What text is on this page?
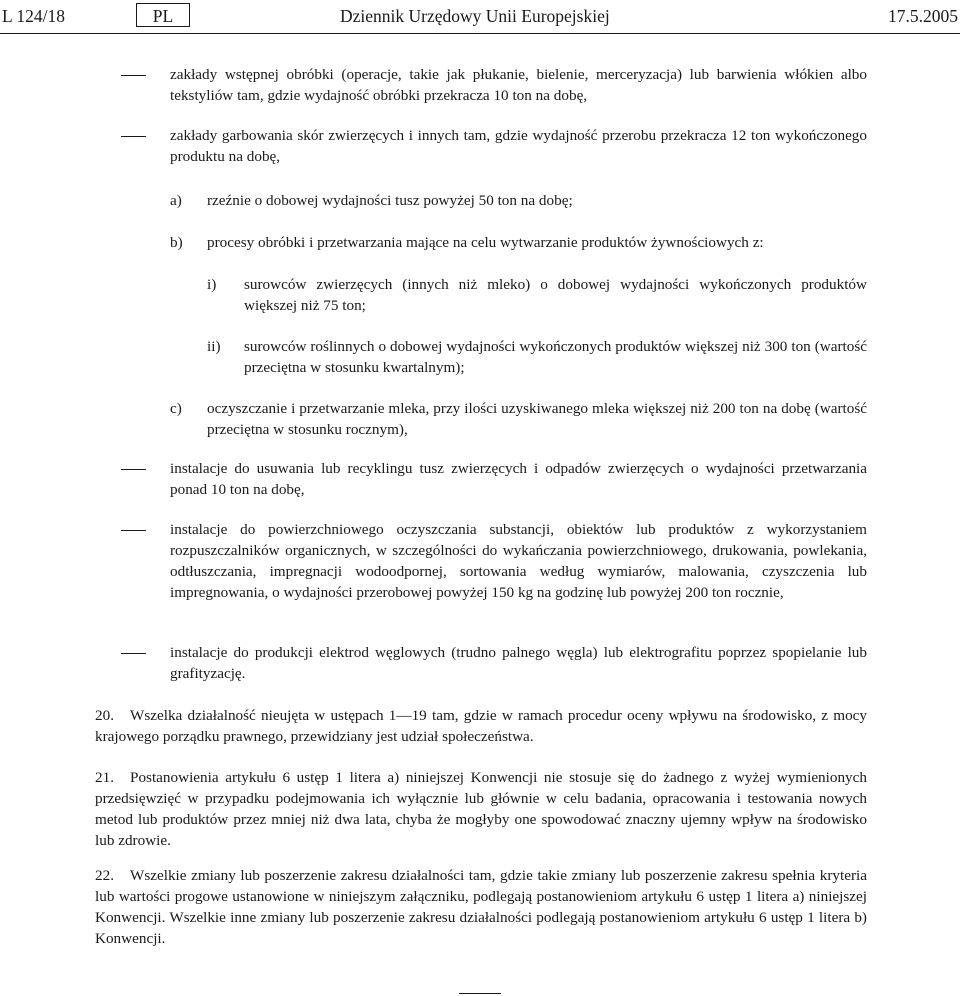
L 124/18	PL	Dziennik Urzędowy Unii Europejskiej	17.5.2005

zakłady wstępnej obróbki (operacje, takie jak płukanie, bielenie, merceryzacja) lub barwienia włókien albo tekstyliów tam, gdzie wydajność obróbki przekracza 10 ton na dobę,

zakłady garbowania skór zwierzęcych i innych tam, gdzie wydajność przerobu przekracza 12 ton wykończonego produktu na dobę,

a) rzeźnie o dobowej wydajności tusz powyżej 50 ton na dobę;

b) procesy obróbki i przetwarzania mające na celu wytwarzanie produktów żywnościowych z:

i) surowców zwierzęcych (innych niż mleko) o dobowej wydajności wykończonych produktów większej niż 75 ton;

ii) surowców roślinnych o dobowej wydajności wykończonych produktów większej niż 300 ton (wartość przeciętna w stosunku kwartalnym);

c) oczyszczanie i przetwarzanie mleka, przy ilości uzyskiwanego mleka większej niż 200 ton na dobę (wartość przeciętna w stosunku rocznym),

instalacje do usuwania lub recyklingu tusz zwierzęcych i odpadów zwierzęcych o wydajności przetwarzania ponad 10 ton na dobę,

instalacje do powierzchniowego oczyszczania substancji, obiektów lub produktów z wykorzystaniem rozpuszczalników organicznych, w szczególności do wykańczania powierzchniowego, drukowania, powlekania, odtłuszczania, impregnacji wodoodpornej, sortowania według wymiarów, malowania, czyszczenia lub impregnowania, o wydajności przerobowej powyżej 150 kg na godzinę lub powyżej 200 ton rocznie,

instalacje do produkcji elektrod węglowych (trudno palnego węgla) lub elektrografitu poprzez spopielanie lub grafityzację.

20. Wszelka działalność nieujęta w ustępach 1—19 tam, gdzie w ramach procedur oceny wpływu na środowisko, z mocy krajowego porządku prawnego, przewidziany jest udział społeczeństwa.

21. Postanowienia artykułu 6 ustęp 1 litera a) niniejszej Konwencji nie stosuje się do żadnego z wyżej wymienionych przedsięwzięć w przypadku podejmowania ich wyłącznie lub głównie w celu badania, opracowania i testowania nowych metod lub produktów przez mniej niż dwa lata, chyba że mogłyby one spowodować znaczny ujemny wpływ na środowisko lub zdrowie.

22. Wszelkie zmiany lub poszerzenie zakresu działalności tam, gdzie takie zmiany lub poszerzenie zakresu spełnia kryteria lub wartości progowe ustanowione w niniejszym załączniku, podlegają postanowieniom artykułu 6 ustęp 1 litera a) niniejszej Konwencji. Wszelkie inne zmiany lub poszerzenie zakresu działalności podlegają postanowieniom artykułu 6 ustęp 1 litera b) Konwencji.
